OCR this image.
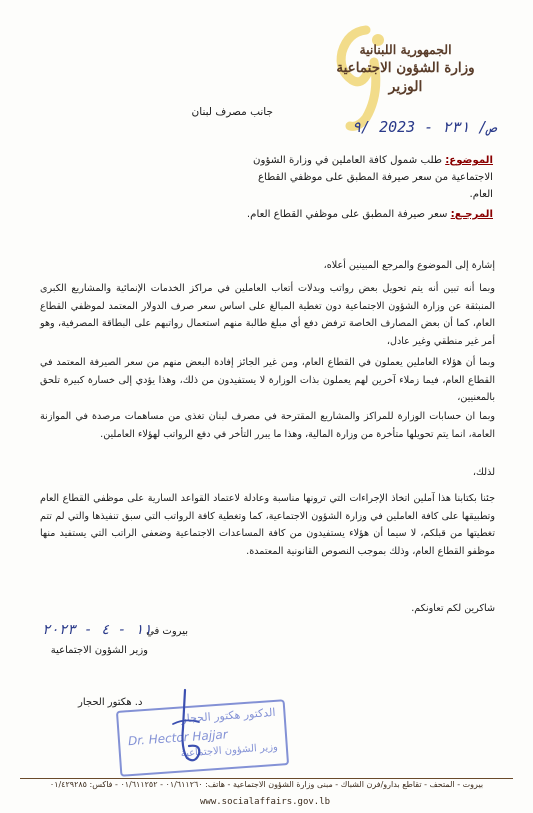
الجمهورية اللبنانية
وزارة الشؤون الاجتماعية
الوزير
ص/ ٢٣١ - 2023 /٩
جانب مصرف لبنان
الموضوع: طلب شمول كافة العاملين في وزارة الشؤون الاجتماعية من سعر صيرفة المطبق على موظفي القطاع العام.
المرجـع: سعر صيرفة المطبق على موظفي القطاع العام.
إشارة إلى الموضوع والمرجع المبينين أعلاه،
وبما أنه تبين أنه يتم تحويل بعض رواتب وبدلات أتعاب العاملين في مراكز الخدمات الإنمائية والمشاريع الكبرى المنبثقة عن وزارة الشؤون الاجتماعية دون تغطية المبالغ على اساس سعر صرف الدولار المعتمد لموظفي القطاع العام، كما أن بعض المصارف الخاصة ترفض دفع أي مبلغ طالبة منهم استعمال رواتبهم على البطاقة المصرفية، وهو أمر غير منطقي وغير عادل،
وبما أن هؤلاء العاملين يعملون في القطاع العام، ومن غير الجائز إفادة البعض منهم من سعر الصيرفة المعتمد في القطاع العام، فيما زملاء آخرين لهم يعملون بذات الوزارة لا يستفيدون من ذلك، وهذا يؤدي إلى خسارة كبيرة تلحق بالمعنيين،
وبما ان حسابات الوزارة للمراكز والمشاريع المقترحة في مصرف لبنان تغذى من مساهمات مرصدة في الموازنة العامة، انما يتم تحويلها متأخرة من وزارة المالية، وهذا ما يبرر التأخر في دفع الرواتب لهؤلاء العاملين.
لذلك،
جئنا بكتابنا هذا آملين اتخاذ الإجراءات التي ترونها مناسبة وعادلة لاعتماد القواعد السارية على موظفي القطاع العام وتطبيقها على كافة العاملين في وزارة الشؤون الاجتماعية، كما وتغطية كافة الرواتب التي سبق تنفيذها والتي لم تتم تغطيتها من قبلكم، لا سيما أن هؤلاء يستفيدون من كافة المساعدات الاجتماعية وضعفي الراتب التي يستفيد منها موظفو القطاع العام، وذلك بموجب النصوص القانونية المعتمدة.
شاكرين لكم تعاونكم.
بيروت في
١١ - ٤ - ٢٠٢٣
وزير الشؤون الاجتماعية
د. هكتور الحجار
الدكتور هكتور الحجار
Dr. Hector Hajjar
وزير الشؤون الاجتماعية
بيروت - المتحف - تقاطع بدارو/فرن الشباك - مبنى وزارة الشؤون الاجتماعية - هاتف: ٠١/٦١١٢٦٠ - ٠١/٦١١٢٥٢ - فاكس: ٠١/٤٢٩٢٨٥
www.socialaffairs.gov.lb
